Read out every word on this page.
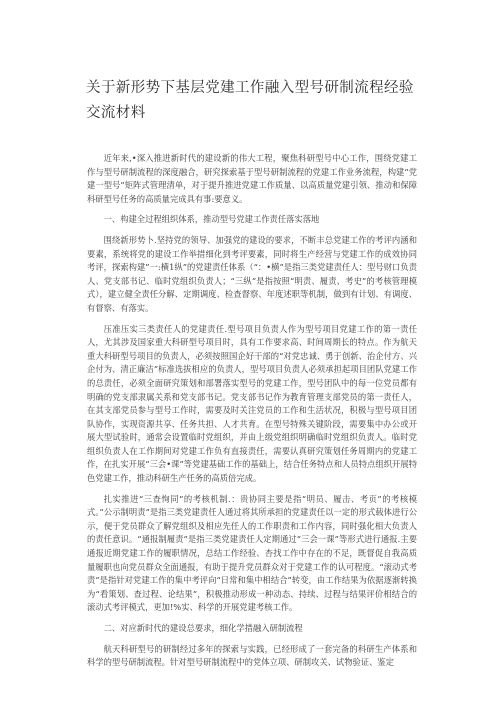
关于新形势下基层党建工作融入型号研制流程经验交流材料

近年来,•深入推进新时代的建设新的伟大工程，聚焦科研型号中心工作，围绕党建工作与型号研制流程的深度融合，研究探索基于型号研制流程的党建工作业务流程，构建“党建一型号”矩阵式管理清单，对于提升推进党建工作质量、以高质量党建引领、推动和保障科研型号任务的高质量完成具有事:要意义。

一、构建全过程组织体系，推动型号党建工作责任落实落地

围绕新形势卜.坚持党的领导、加强党的建设的要求，不断丰总党建工作的考评内涵和要素，系统将党的建设工作举措细化到考评要素，同时将生产经营与党建工作的成效协同考评，探索构建”一:横1纵”的党建责任体系（“：•横”是指三类党建责任人：型号财口负责人、党支部书记、临时党组织负责人；“三纵”是指按照“明责、履责、考史”的考核管理模式），建立健全责任分解、定期调度、检查督察、年度述职等机制，做到有计划、有调度、有督察、有落实。

压准压实三类责任人的党建责任.型号项目负责人作为型号项目党建工作的第一责任人，尤其涉及国家重大科研型号项目时，具有工作要求高、时间周期长的特点。作为航天重大科研型号项目的负责人，必须按照国企好干部的“对党忠诚、勇于创新、治企付方、兴企付为、清正廉洁”标准选拔相应的负责人，型号项目负责人必须承担起项目团队党建工作的总责任，必须全面研究策划和部署落实型号的党建工作，型号团队中的每一位党员都有明确的党支部隶属关系和党支部书记。党支部书记作为教育管理支部党员的第一责任人，在其支部党员参与型号工作时，需要及时关注党员的工作和生活状况，积极与型号项目团队协作，实现资源共享、任务共担、人才共育。在型号特殊关键阶段，需要集中办公或开展大型试验时，通常会设置临时党组织，并由上级党组织明确临时党组织负责人。临时党组织负责人在工作期间对党建工作负有直接责任，需要认真研究策划任务周期内的党建工作，在扎实开展“三会•课”等党建基础工作的基础上，结合任务特点和人员特点组织开展特色党建工作，推动科研生产任务的高质倍完成。

扎实推进“三查恂同”的考核机制.：贵协同主要是指“明员、履击、考页”的考核模式。”公示制明责”是指三类党建责任人通过将其所承担的党建责任以一定的形式载体进行公示，便于党员群众了解党组织及相应先任人的工作职责和工作内容，同时强化相大负责人的责任意识。“通报制履责”是指三类党建责任人定期通过“三会一课”等形式进行通报.主要通报近期党建工作的履职情况，总结工作经验、杏找工作中存在的不足，既督促自我高质量履职也向党员群众全面通报，有助于提升党员群众对于党建工作的认可程度。“滚动式考责”是指针对党建工作的集中考评向“日常和集中相结合”转变，由工作结果为依据逐渐转换为“看策划、查过程、论结果”，积极推动形成一种动态、持续、过程与结果评价相结合的滚动式考评模式，更加!%实、科学的开展党建考核工作。

二、对应新时代的建设总要求，细化学措融入研制流程

航天科研型号的研制经过多年的探索与实践，已经形成了一套完备的科研生产体系和科学的型号研制流程。针对型号研制流程中的党体立项、研制攻关、试物验证、鉴定
